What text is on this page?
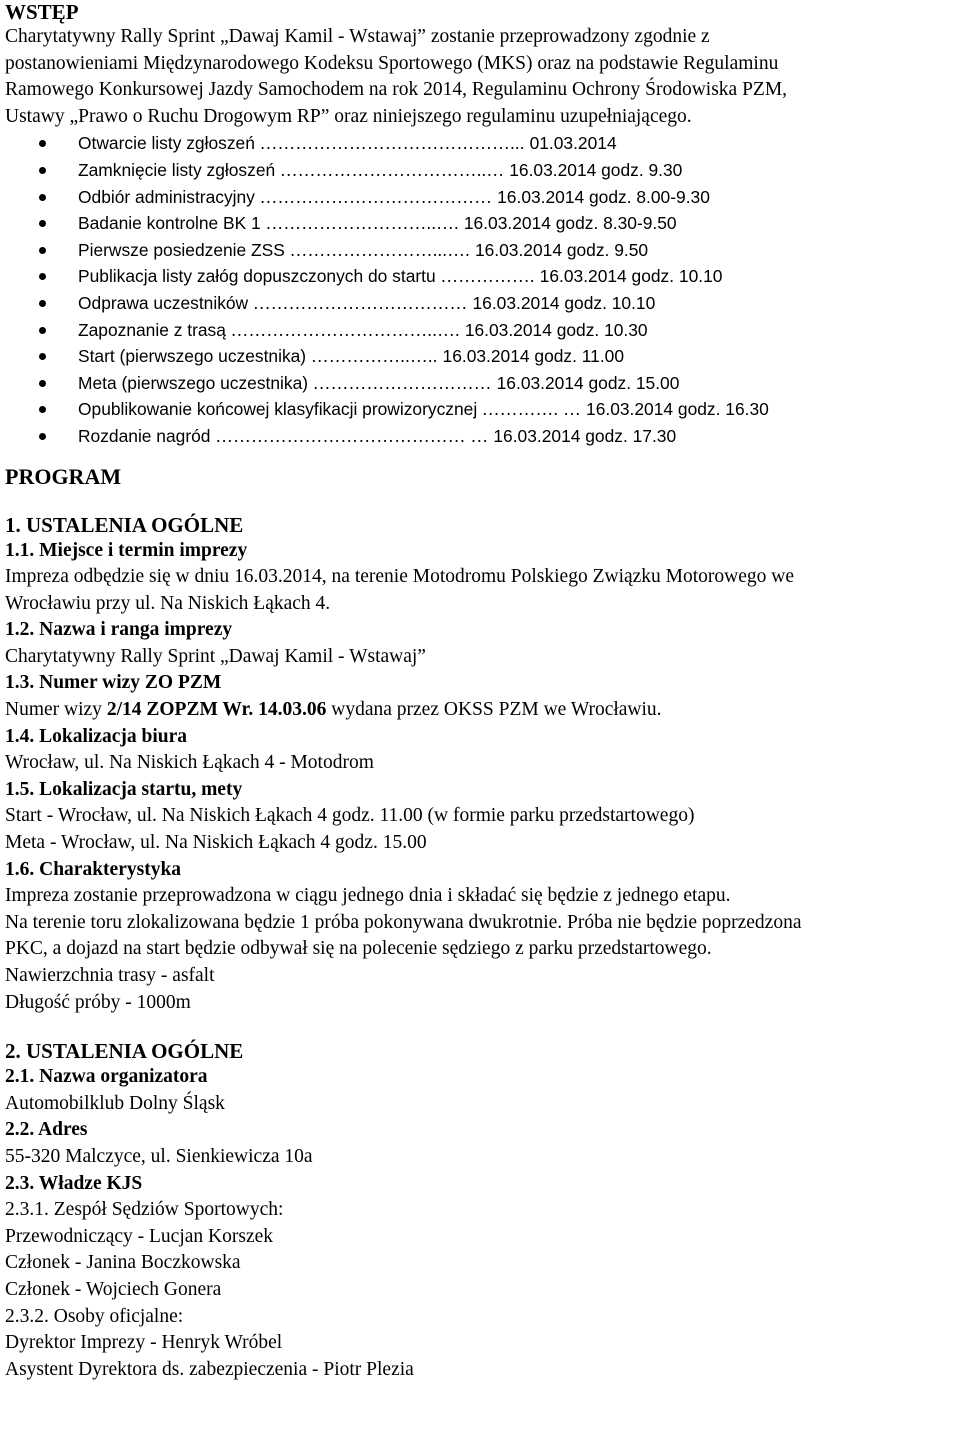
WSTĘP
Charytatywny Rally Sprint „Dawaj Kamil - Wstawaj” zostanie przeprowadzony zgodnie z
postanowieniami Międzynarodowego Kodeksu Sportowego (MKS) oraz na podstawie Regulaminu
Ramowego Konkursowej Jazdy Samochodem na rok 2014, Regulaminu Ochrony Środowiska PZM,
Ustawy „Prawo o Ruchu Drogowym RP” oraz niniejszego regulaminu uzupełniającego.
Otwarcie listy zgłoszeń ……………………………………... 01.03.2014
Zamknięcie listy zgłoszeń ……………………………..… 16.03.2014 godz. 9.30
Odbiór administracyjny ………………………………… 16.03.2014 godz. 8.00-9.30
Badanie kontrolne BK 1 ………………………..…. 16.03.2014 godz. 8.30-9.50
Pierwsze posiedzenie ZSS ……………………...…. 16.03.2014 godz. 9.50
Publikacja listy załóg dopuszczonych do startu ……………. 16.03.2014 godz. 10.10
Odprawa uczestników ……………………………… 16.03.2014 godz. 10.10
Zapoznanie z trasą ……………………………..…. 16.03.2014 godz. 10.30
Start (pierwszego uczestnika) ……………..….. 16.03.2014 godz. 11.00
Meta (pierwszego uczestnika) ………………………… 16.03.2014 godz. 15.00
Opublikowanie końcowej klasyfikacji prowizorycznej …………. … 16.03.2014 godz. 16.30
Rozdanie nagród …………………………………… … 16.03.2014 godz. 17.30
PROGRAM
1. USTALENIA OGÓLNE
1.1. Miejsce i termin imprezy
Impreza odbędzie się w dniu 16.03.2014, na terenie Motodromu Polskiego Związku Motorowego we
Wrocławiu przy ul. Na Niskich Łąkach 4.
1.2. Nazwa i ranga imprezy
Charytatywny Rally Sprint „Dawaj Kamil - Wstawaj”
1.3. Numer wizy ZO PZM
Numer wizy 2/14 ZOPZM Wr. 14.03.06 wydana przez OKSS PZM we Wrocławiu.
1.4. Lokalizacja biura
Wrocław, ul. Na Niskich Łąkach 4 - Motodrom
1.5. Lokalizacja startu, mety
Start - Wrocław, ul. Na Niskich Łąkach 4 godz. 11.00 (w formie parku przedstartowego)
Meta - Wrocław, ul. Na Niskich Łąkach 4 godz. 15.00
1.6. Charakterystyka
Impreza zostanie przeprowadzona w ciągu jednego dnia i składać się będzie z jednego etapu.
Na terenie toru zlokalizowana będzie 1 próba pokonywana dwukrotnie. Próba nie będzie poprzedzona
PKC, a dojazd na start będzie odbywał się na polecenie sędziego z parku przedstartowego.
Nawierzchnia trasy - asfalt
Długość próby - 1000m
2. USTALENIA OGÓLNE
2.1. Nazwa organizatora
Automobilklub Dolny Śląsk
2.2. Adres
55-320 Malczyce, ul. Sienkiewicza 10a
2.3. Władze KJS
2.3.1. Zespół Sędziów Sportowych:
Przewodniczący - Lucjan Korszek
Członek - Janina Boczkowska
Członek - Wojciech Gonera
2.3.2. Osoby oficjalne:
Dyrektor Imprezy - Henryk Wróbel
Asystent Dyrektora ds. zabezpieczenia - Piotr Plezia
